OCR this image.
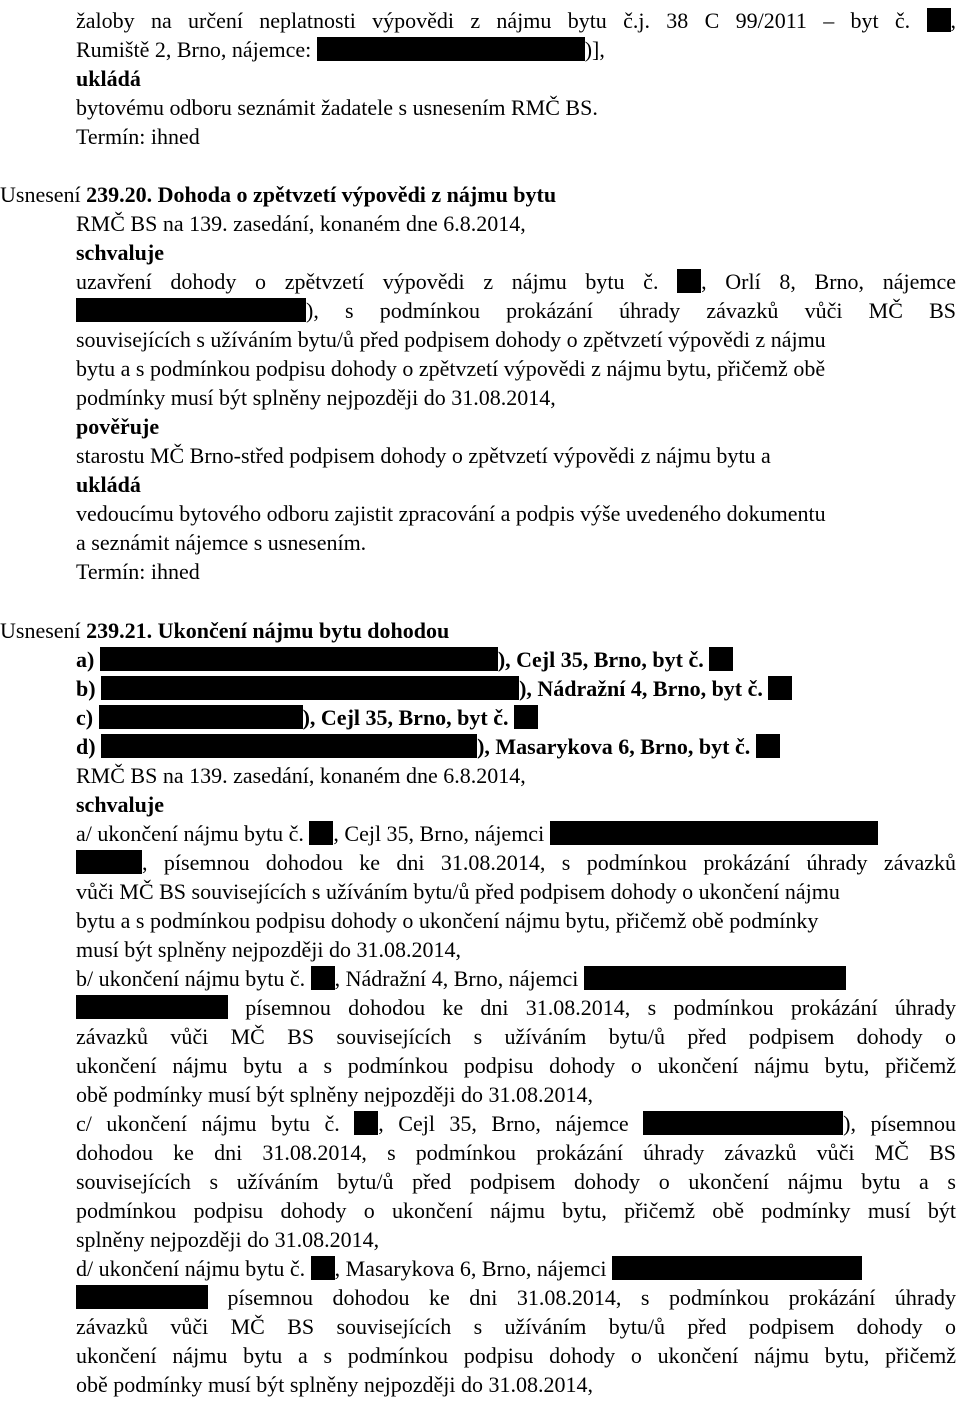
žaloby na určení neplatnosti výpovědi z nájmu bytu č.j. 38 C 99/2011 – byt č. ,
Rumiště 2, Brno, nájemce:	)],
ukládá
bytovému odboru seznámit žadatele s usnesením RMČ BS.
Termín: ihned
Usnesení 239.20. Dohoda o zpětvzetí výpovědi z nájmu bytu
RMČ BS na 139. zasedání, konaném dne 6.8.2014,
schvaluje
uzavření dohody o zpětvzetí výpovědi z nájmu bytu č. , Orlí 8, Brno, nájemce
), s podmínkou prokázání úhrady závazků vůči MČ BS
souvisejících s užíváním bytu/ů před podpisem dohody o zpětvzetí výpovědi z nájmu
bytu a s podmínkou podpisu dohody o zpětvzetí výpovědi z nájmu bytu, přičemž obě
podmínky musí být splněny nejpozději do 31.08.2014,
pověřuje
starostu MČ Brno-střed podpisem dohody o zpětvzetí výpovědi z nájmu bytu a
ukládá
vedoucímu bytového odboru zajistit zpracování a podpis výše uvedeného dokumentu
a seznámit nájemce s usnesením.
Termín: ihned
Usnesení 239.21. Ukončení nájmu bytu dohodou
a)	), Cejl 35, Brno, byt č.
b)	), Nádražní 4, Brno, byt č.
c)	), Cejl 35, Brno, byt č.
d)	), Masarykova 6, Brno, byt č.
RMČ BS na 139. zasedání, konaném dne 6.8.2014,
schvaluje
a/ ukončení nájmu bytu č. , Cejl 35, Brno, nájemci
, písemnou dohodou ke dni 31.08.2014, s podmínkou prokázání úhrady závazků
vůči MČ BS souvisejících s užíváním bytu/ů před podpisem dohody o ukončení nájmu
bytu a s podmínkou podpisu dohody o ukončení nájmu bytu, přičemž obě podmínky
musí být splněny nejpozději do 31.08.2014,
b/ ukončení nájmu bytu č. , Nádražní 4, Brno, nájemci
písemnou dohodou ke dni 31.08.2014, s podmínkou prokázání úhrady
závazků vůči MČ BS souvisejících s užíváním bytu/ů před podpisem dohody o
ukončení nájmu bytu a s podmínkou podpisu dohody o ukončení nájmu bytu, přičemž
obě podmínky musí být splněny nejpozději do 31.08.2014,
c/ ukončení nájmu bytu č. , Cejl 35, Brno, nájemce	), písemnou
dohodou ke dni 31.08.2014, s podmínkou prokázání úhrady závazků vůči MČ BS
souvisejících s užíváním bytu/ů před podpisem dohody o ukončení nájmu bytu a s
podmínkou podpisu dohody o ukončení nájmu bytu, přičemž obě podmínky musí být
splněny nejpozději do 31.08.2014,
d/ ukončení nájmu bytu č. , Masarykova 6, Brno, nájemci
písemnou dohodou ke dni 31.08.2014, s podmínkou prokázání úhrady
závazků vůči MČ BS souvisejících s užíváním bytu/ů před podpisem dohody o
ukončení nájmu bytu a s podmínkou podpisu dohody o ukončení nájmu bytu, přičemž
obě podmínky musí být splněny nejpozději do 31.08.2014,
